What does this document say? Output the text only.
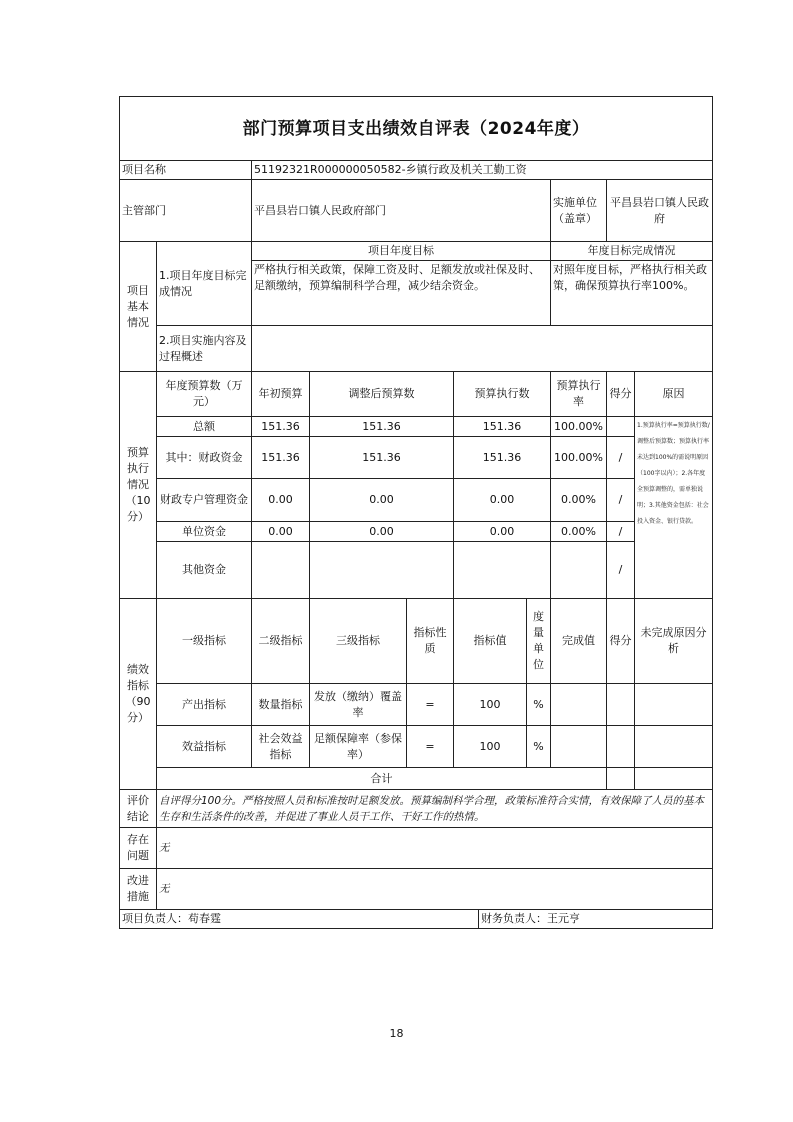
部门预算项目支出绩效自评表（2024年度）										
项目名称		51192321R000000050582-乡镇行政及机关工勤工资								
主管部门		平昌县岩口镇人民政府部门						实施单位（盖章）	平昌县岩口镇人民政府	
项目基本情况	1.项目年度目标完成情况	项目年度目标						年度目标完成情况		
		严格执行相关政策，保障工资及时、足额发放或社保及时、足额缴纳，预算编制科学合理，减少结余资金。						对照年度目标，严格执行相关政策，确保预算执行率100%。		
	2.项目实施内容及过程概述									
预算执行情况（10分）	年度预算数（万元）	年初预算	调整后预算数		预算执行数			预算执行率	得分	原因
	总额	151.36	151.36		151.36			100.00%		1.预算执行率=预算执行数/调整后预算数；预算执行率未达到100%的需说明原因（100字以内）；2.各年度全预算调整的，需单独说明；3.其他资金包括：社会投入资金、银行贷款。
	其中：财政资金	151.36	151.36		151.36			100.00%	/	
	财政专户管理资金	0.00	0.00		0.00			0.00%	/	
	单位资金	0.00	0.00		0.00			0.00%	/	
	其他资金								/	
绩效指标（90分）	一级指标	二级指标	三级指标	指标性质	指标值		度量单位	完成值	得分	未完成原因分析
	产出指标	数量指标	发放（缴纳）覆盖率	=	100		%			
	效益指标	社会效益指标	足额保障率（参保率）	=	100		%			
	合计									
评价结论	自评得分100分。严格按照人员和标准按时足额发放。预算编制科学合理，政策标准符合实情，有效保障了人员的基本生存和生活条件的改善，并促进了事业人员干工作、干好工作的热情。									
存在问题	无									
改进措施	无									
项目负责人：苟春霆						财务负责人：王元亨				
18
